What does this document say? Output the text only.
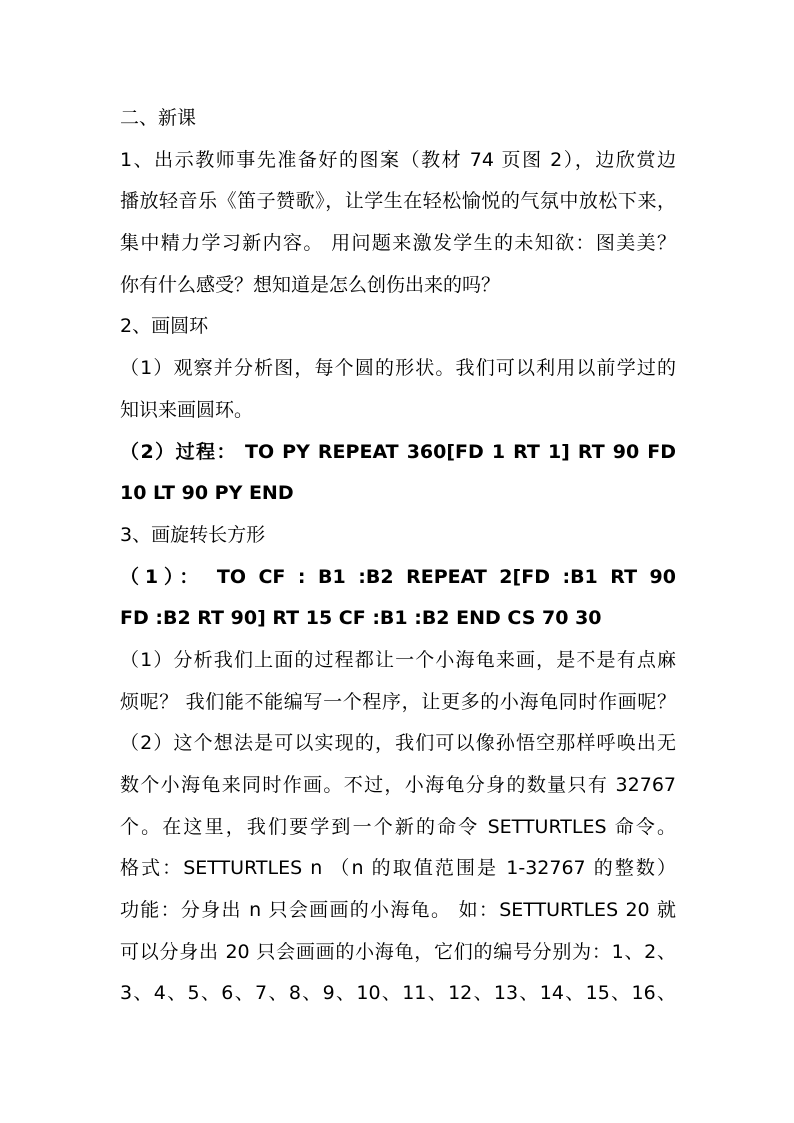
二、新课
1、出示教师事先准备好的图案（教材 74 页图 2），边欣赏边
播放轻音乐《笛子赞歌》，让学生在轻松愉悦的气氛中放松下来，
集中精力学习新内容。 用问题来激发学生的未知欲：图美美？
你有什么感受？想知道是怎么创伤出来的吗？
2、画圆环
（1）观察并分析图，每个圆的形状。我们可以利用以前学过的
知识来画圆环。
（2）过程： TO PY REPEAT 360[FD 1 RT 1] RT 90 FD
10 LT 90 PY END
3、画旋转长方形
（1）： TO CF : B1 :B2 REPEAT 2[FD :B1 RT 90
FD :B2 RT 90] RT 15 CF :B1 :B2 END CS 70 30
（1）分析我们上面的过程都让一个小海龟来画，是不是有点麻
烦呢？ 我们能不能编写一个程序，让更多的小海龟同时作画呢？
（2）这个想法是可以实现的，我们可以像孙悟空那样呼唤出无
数个小海龟来同时作画。不过，小海龟分身的数量只有 32767
个。在这里，我们要学到一个新的命令 SETTURTLES 命令。
格式：SETTURTLES n （n 的取值范围是 1-32767 的整数）
功能：分身出 n 只会画画的小海龟。 如：SETTURTLES 20 就
可以分身出 20 只会画画的小海龟，它们的编号分别为：1、2、
3、4、5、6、7、8、9、10、11、12、13、14、15、16、
